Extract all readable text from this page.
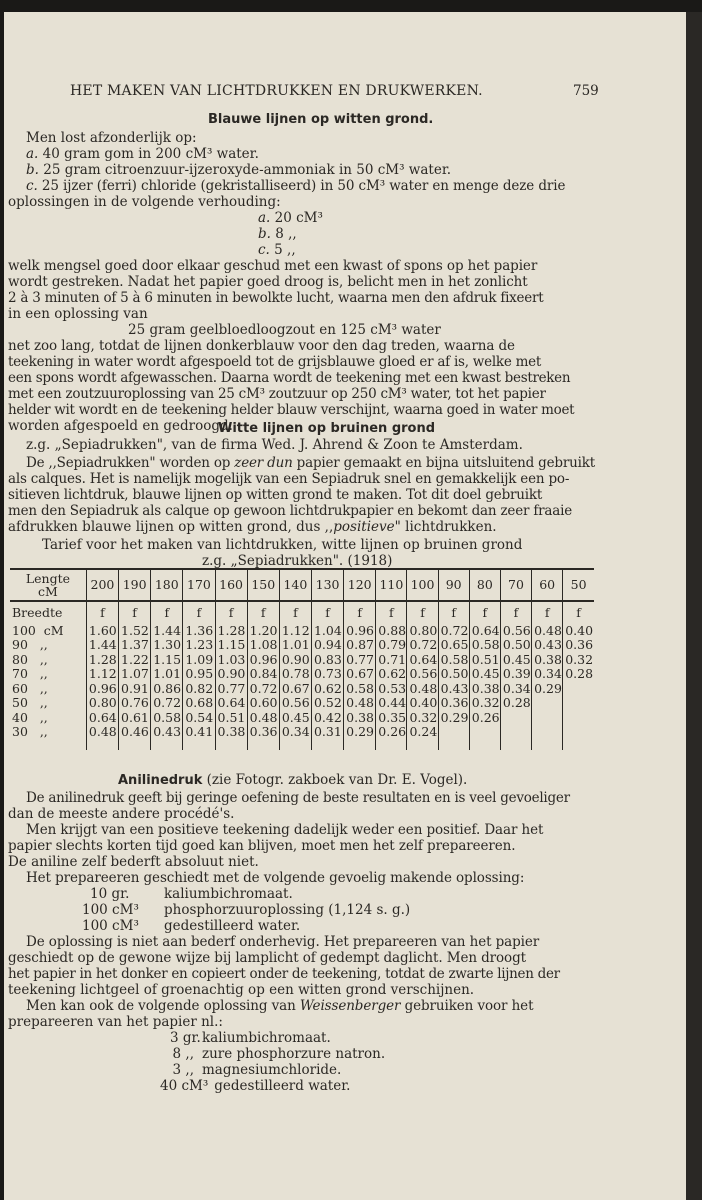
HET MAKEN VAN LICHTDRUKKEN EN DRUKWERKEN.	759
Blauwe lijnen op witten grond.
Men lost afzonderlijk op:
a. 40 gram gom in 200 cM³ water.
b. 25 gram citroenzuur-ijzeroxyde-ammoniak in 50 cM³ water.
c. 25 ijzer (ferri) chloride (gekristalliseerd) in 50 cM³ water en menge deze drie
oplossingen in de volgende verhouding:
a. 20 cM³
b. 8 ,,
c. 5 ,,
welk mengsel goed door elkaar geschud met een kwast of spons op het papier
wordt gestreken. Nadat het papier goed droog is, belicht men in het zonlicht
2 à 3 minuten of 5 à 6 minuten in bewolkte lucht, waarna men den afdruk fixeert
in een oplossing van
25 gram geelbloedloogzout en 125 cM³ water
net zoo lang, totdat de lijnen donkerblauw voor den dag treden, waarna de
teekening in water wordt afgespoeld tot de grijsblauwe gloed er af is, welke met
een spons wordt afgewasschen. Daarna wordt de teekening met een kwast bestreken
met een zoutzuuroplossing van 25 cM³ zoutzuur op 250 cM³ water, tot het papier
helder wit wordt en de teekening helder blauw verschijnt, waarna goed in water moet
worden afgespoeld en gedroogd.
Witte lijnen op bruinen grond
z.g. „Sepiadrukken", van de firma Wed. J. Ahrend & Zoon te Amsterdam.
De ,,Sepiadrukken" worden op zeer dun papier gemaakt en bijna uitsluitend gebruikt
als calques. Het is namelijk mogelijk van een Sepiadruk snel en gemakkelijk een po-
sitieven lichtdruk, blauwe lijnen op witten grond te maken. Tot dit doel gebruikt
men den Sepiadruk als calque op gewoon lichtdrukpapier en bekomt dan zeer fraaie
afdrukken blauwe lijnen op witten grond, dus ,,positieve" lichtdrukken.
Tarief voor het maken van lichtdrukken, witte lijnen op bruinen grond
z.g. „Sepiadrukken". (1918)
Lengte
cM	200	190	180	170	160	150	140	130	120	110	100	90	80	70	60	50
Breedte	f	f	f	f	f	f	f	f	f	f	f	f	f	f	f	f
100  cM	1.60	1.52	1.44	1.36	1.28	1.20	1.12	1.04	0.96	0.88	0.80	0.72	0.64	0.56	0.48	0.40
90   ,,	1.44	1.37	1.30	1.23	1.15	1.08	1.01	0.94	0.87	0.79	0.72	0.65	0.58	0.50	0.43	0.36
80   ,,	1.28	1.22	1.15	1.09	1.03	0.96	0.90	0.83	0.77	0.71	0.64	0.58	0.51	0.45	0.38	0.32
70   ,,	1.12	1.07	1.01	0.95	0.90	0.84	0.78	0.73	0.67	0.62	0.56	0.50	0.45	0.39	0.34	0.28
60   ,,	0.96	0.91	0.86	0.82	0.77	0.72	0.67	0.62	0.58	0.53	0.48	0.43	0.38	0.34	0.29	
50   ,,	0.80	0.76	0.72	0.68	0.64	0.60	0.56	0.52	0.48	0.44	0.40	0.36	0.32	0.28		
40   ,,	0.64	0.61	0.58	0.54	0.51	0.48	0.45	0.42	0.38	0.35	0.32	0.29	0.26			
30   ,,	0.48	0.46	0.43	0.41	0.38	0.36	0.34	0.31	0.29	0.26	0.24					
Anilinedruk (zie Fotogr. zakboek van Dr. E. Vogel).
De anilinedruk geeft bij geringe oefening de beste resultaten en is veel gevoeliger
dan de meeste andere procédé's.
Men krijgt van een positieve teekening dadelijk weder een positief. Daar het
papier slechts korten tijd goed kan blijven, moet men het zelf prepareeren.
De aniline zelf bederft absoluut niet.
Het prepareeren geschiedt met de volgende gevoelig makende oplossing:
10 gr.	kaliumbichromaat.
100 cM³ phosphorzuuroplossing (1,124 s. g.)
100 cM³ gedestilleerd water.
De oplossing is niet aan bederf onderhevig. Het prepareeren van het papier
geschiedt op de gewone wijze bij lamplicht of gedempt daglicht. Men droogt
het papier in het donker en copieert onder de teekening, totdat de zwarte lijnen der
teekening lichtgeel of groenachtig op een witten grond verschijnen.
Men kan ook de volgende oplossing van Weissenberger gebruiken voor het
prepareeren van het papier nl.:
3 gr.kaliumbichromaat.
8 ,, zure phosphorzure natron.
3 ,, magnesiumchloride.
40 cM³ gedestilleerd water.
